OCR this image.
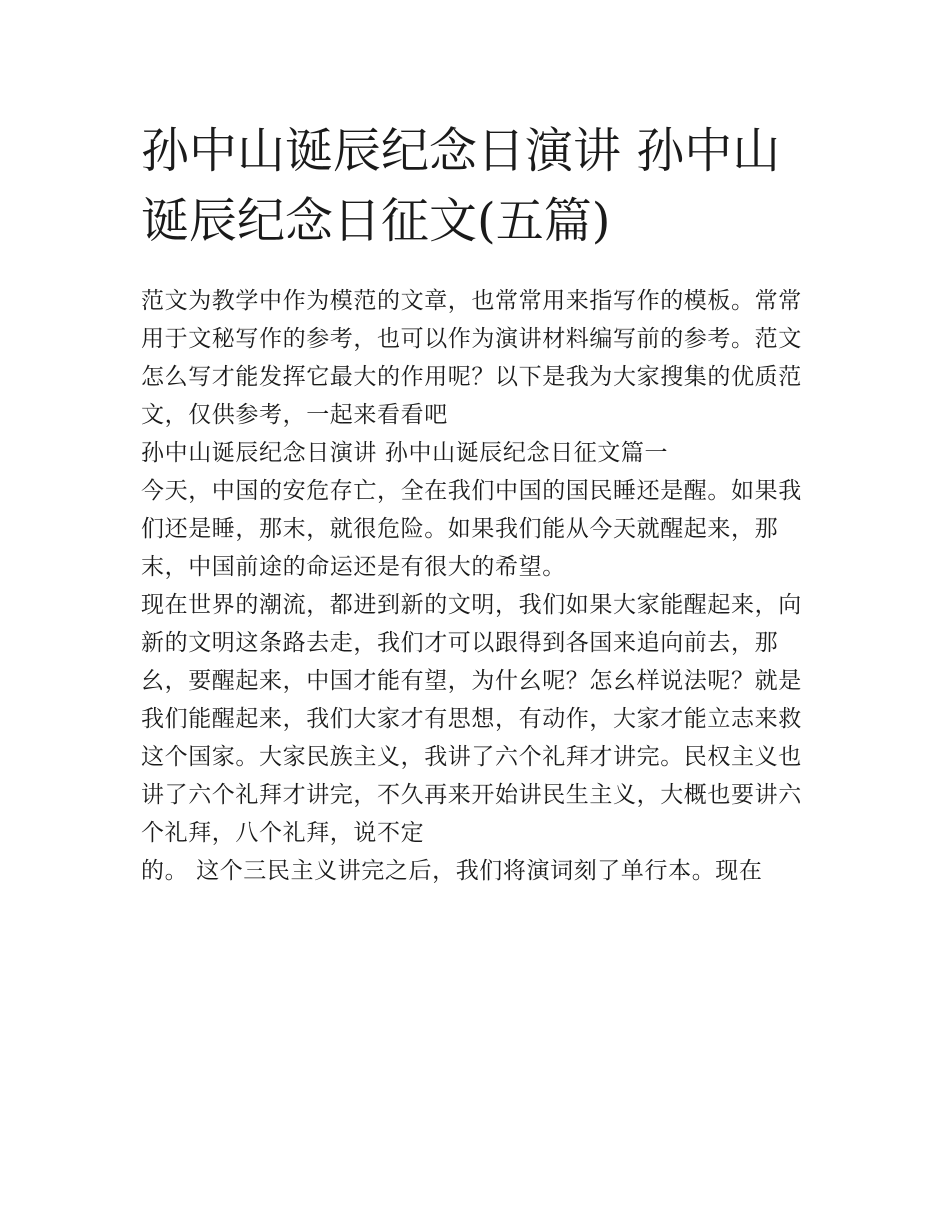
孙中山诞辰纪念日演讲 孙中山诞辰纪念日征文(五篇)

范文为教学中作为模范的文章，也常常用来指写作的模板。常常用于文秘写作的参考，也可以作为演讲材料编写前的参考。范文怎么写才能发挥它最大的作用呢？以下是我为大家搜集的优质范文，仅供参考，一起来看看吧

孙中山诞辰纪念日演讲 孙中山诞辰纪念日征文篇一

今天，中国的安危存亡，全在我们中国的国民睡还是醒。如果我们还是睡，那末，就很危险。如果我们能从今天就醒起来，那末，中国前途的命运还是有很大的希望。

现在世界的潮流，都进到新的文明，我们如果大家能醒起来，向新的文明这条路去走，我们才可以跟得到各国来追向前去，那幺，要醒起来，中国才能有望，为什幺呢？怎幺样说法呢？就是我们能醒起来，我们大家才有思想，有动作，大家才能立志来救这个国家。大家民族主义，我讲了六个礼拜才讲完。民权主义也讲了六个礼拜才讲完，不久再来开始讲民生主义，大概也要讲六个礼拜，八个礼拜，说不定

的。 这个三民主义讲完之后，我们将演词刻了单行本。现在
